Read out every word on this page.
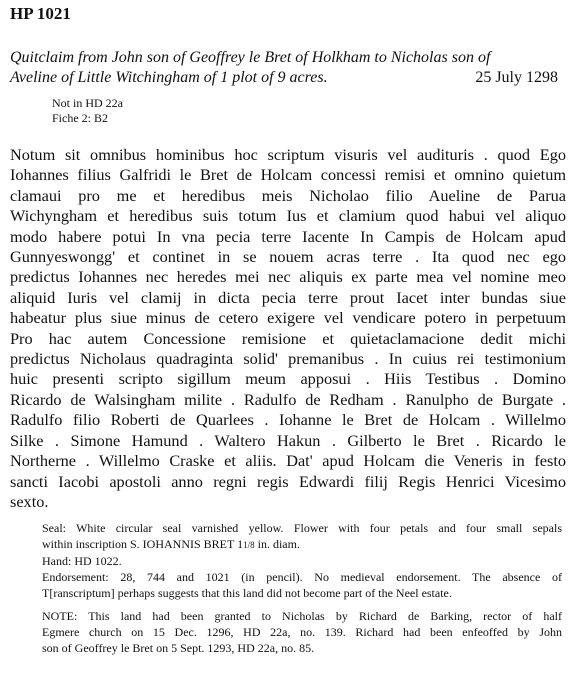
HP 1021
Quitclaim from John son of Geoffrey le Bret of Holkham to Nicholas son of
Aveline of Little Witchingham of 1 plot of 9 acres.	25 July 1298
Not in HD 22a
Fiche 2: B2
Notum sit omnibus hominibus hoc scriptum visuris vel audituris . quod Ego
Iohannes filius Galfridi le Bret de Holcam concessi remisi et omnino quietum
clamaui pro me et heredibus meis Nicholao filio Aueline de Parua
Wichyngham et heredibus suis totum Ius et clamium quod habui vel aliquo
modo habere potui In vna pecia terre Iacente In Campis de Holcam apud
Gunnyeswongg' et continet in se nouem acras terre . Ita quod nec ego
predictus Iohannes nec heredes mei nec aliquis ex parte mea vel nomine meo
aliquid Iuris vel clamij in dicta pecia terre prout Iacet inter bundas siue
habeatur plus siue minus de cetero exigere vel vendicare potero in perpetuum
Pro hac autem Concessione remisione et quietaclamacione dedit michi
predictus Nicholaus quadraginta solid' premanibus . In cuius rei testimonium
huic presenti scripto sigillum meum apposui . Hiis Testibus . Domino
Ricardo de Walsingham milite . Radulfo de Redham . Ranulpho de Burgate .
Radulfo filio Roberti de Quarlees . Iohanne le Bret de Holcam . Willelmo
Silke . Simone Hamund . Waltero Hakun . Gilberto le Bret . Ricardo le
Northerne . Willelmo Craske et aliis. Dat' apud Holcam die Veneris in festo
sancti Iacobi apostoli anno regni regis Edwardi filij Regis Henrici Vicesimo
sexto.
Seal: White circular seal varnished yellow. Flower with four petals and four small sepals
within inscription S. IOHANNIS BRET 11/8 in. diam.
Hand: HD 1022.
Endorsement: 28, 744 and 1021 (in pencil). No medieval endorsement. The absence of
T[ranscriptum] perhaps suggests that this land did not become part of the Neel estate.
NOTE: This land had been granted to Nicholas by Richard de Barking, rector of half
Egmere church on 15 Dec. 1296, HD 22a, no. 139. Richard had been enfeoffed by John
son of Geoffrey le Bret on 5 Sept. 1293, HD 22a, no. 85.
